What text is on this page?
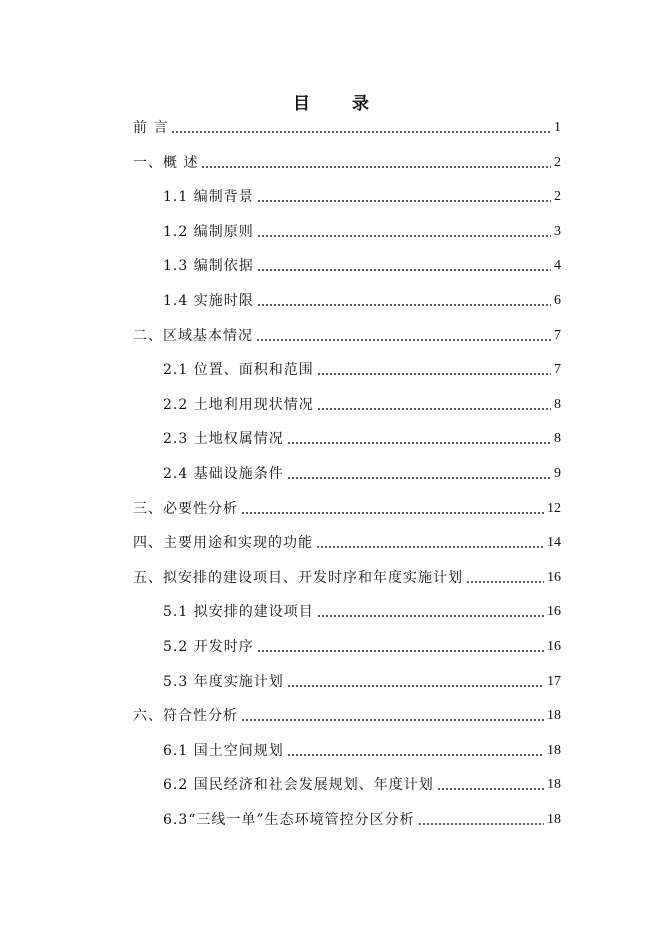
目 录
前 言	1
一、概 述	2
1.1 编制背景	2
1.2 编制原则	3
1.3 编制依据	4
1.4 实施时限	6
二、区域基本情况	7
2.1 位置、面积和范围	7
2.2 土地利用现状情况	8
2.3 土地权属情况	8
2.4 基础设施条件	9
三、必要性分析	12
四、主要用途和实现的功能	14
五、拟安排的建设项目、开发时序和年度实施计划	16
5.1 拟安排的建设项目	16
5.2 开发时序	16
5.3 年度实施计划	17
六、符合性分析	18
6.1 国土空间规划	18
6.2 国民经济和社会发展规划、年度计划	18
6.3“三线一单”生态环境管控分区分析	18
